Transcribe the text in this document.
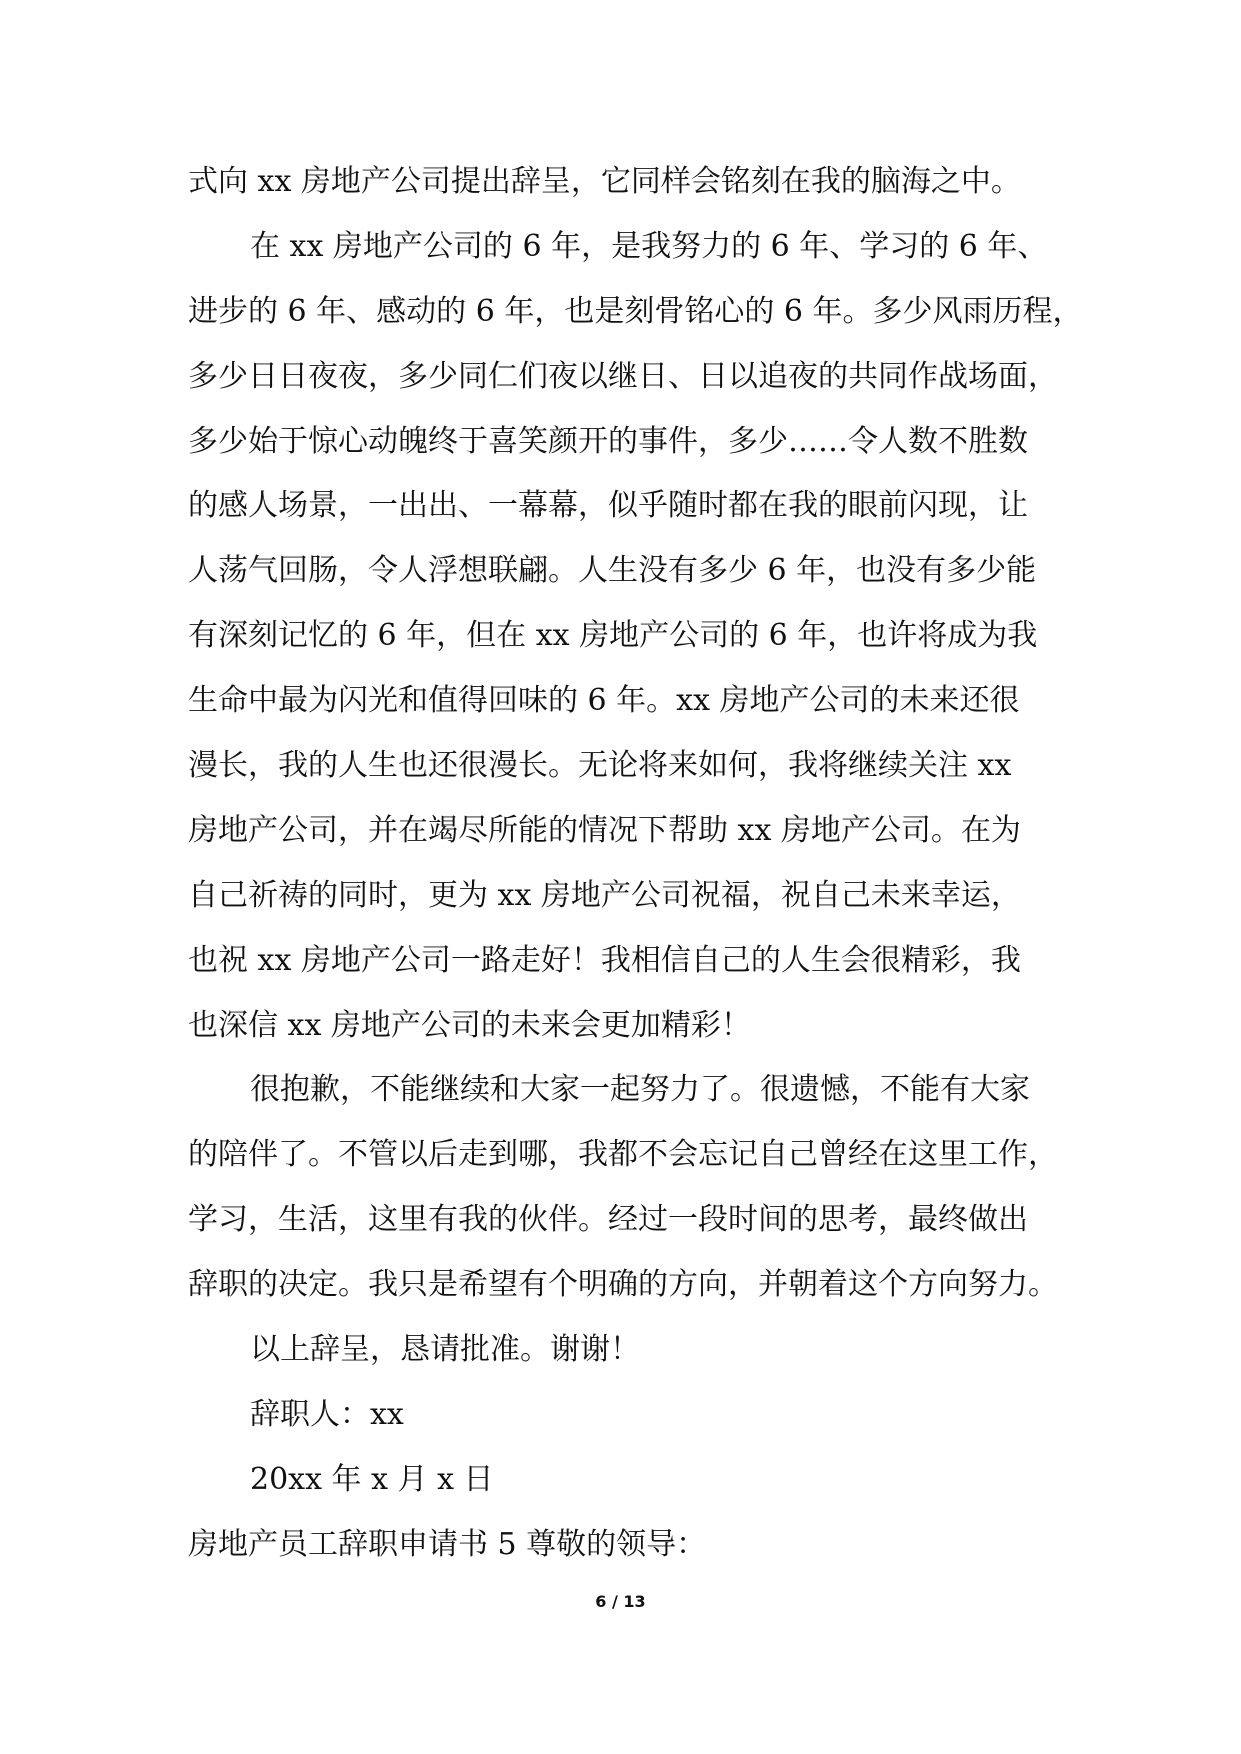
式向 xx 房地产公司提出辞呈，它同样会铭刻在我的脑海之中。
在 xx 房地产公司的 6 年，是我努力的 6 年、学习的 6 年、
进步的 6 年、感动的 6 年，也是刻骨铭心的 6 年。多少风雨历程，
多少日日夜夜，多少同仁们夜以继日、日以追夜的共同作战场面，
多少始于惊心动魄终于喜笑颜开的事件，多少……令人数不胜数
的感人场景，一出出、一幕幕，似乎随时都在我的眼前闪现，让
人荡气回肠，令人浮想联翩。人生没有多少 6 年，也没有多少能
有深刻记忆的 6 年，但在 xx 房地产公司的 6 年，也许将成为我
生命中最为闪光和值得回味的 6 年。xx 房地产公司的未来还很
漫长，我的人生也还很漫长。无论将来如何，我将继续关注 xx
房地产公司，并在竭尽所能的情况下帮助 xx 房地产公司。在为
自己祈祷的同时，更为 xx 房地产公司祝福，祝自己未来幸运，
也祝 xx 房地产公司一路走好！我相信自己的人生会很精彩，我
也深信 xx 房地产公司的未来会更加精彩！
很抱歉，不能继续和大家一起努力了。很遗憾，不能有大家
的陪伴了。不管以后走到哪，我都不会忘记自己曾经在这里工作，
学习，生活，这里有我的伙伴。经过一段时间的思考，最终做出
辞职的决定。我只是希望有个明确的方向，并朝着这个方向努力。
以上辞呈，恳请批准。谢谢！
辞职人：xx
20xx 年 x 月 x 日
房地产员工辞职申请书 5 尊敬的领导：
6 / 13
